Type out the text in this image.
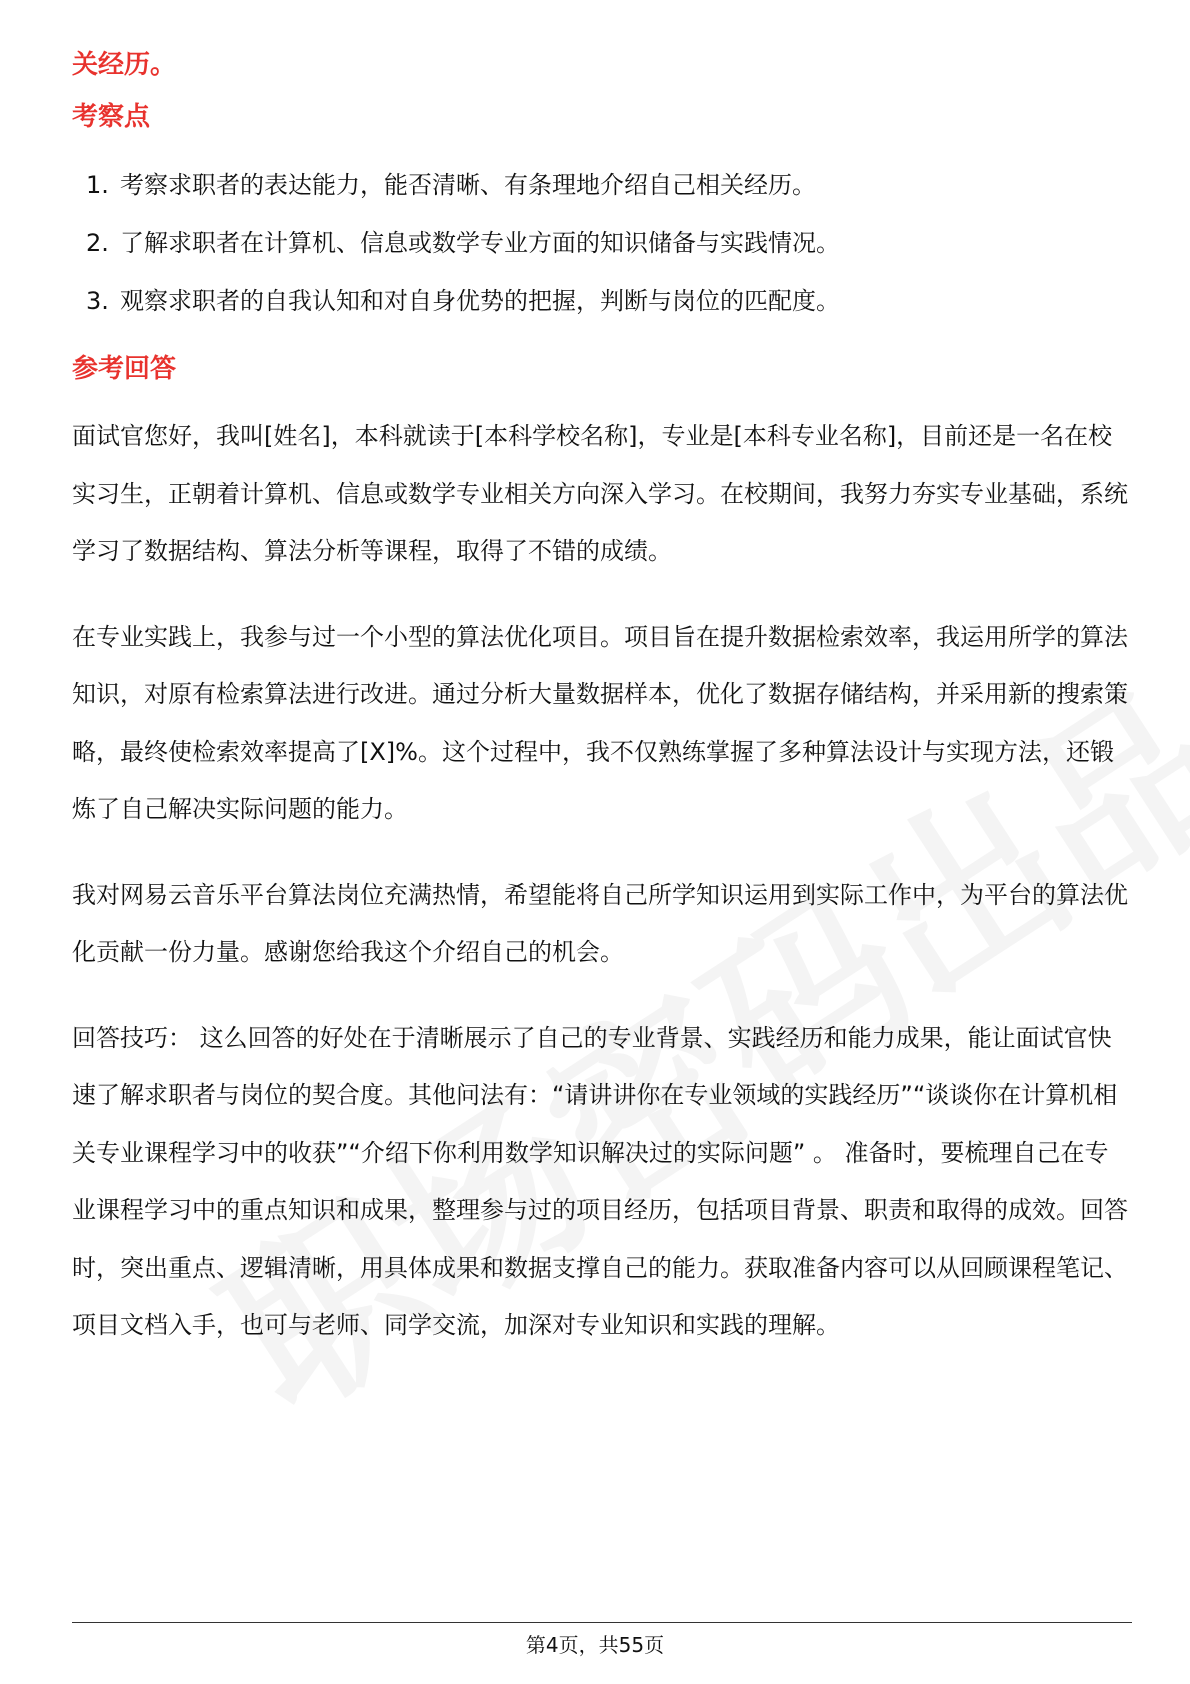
关经历。
考察点
1. 考察求职者的表达能力，能否清晰、有条理地介绍自己相关经历。
2. 了解求职者在计算机、信息或数学专业方面的知识储备与实践情况。
3. 观察求职者的自我认知和对自身优势的把握，判断与岗位的匹配度。
参考回答

面试官您好，我叫[姓名]，本科就读于[本科学校名称]，专业是[本科专业名称]，目前还是一名在校实习生，正朝着计算机、信息或数学专业相关方向深入学习。在校期间，我努力夯实专业基础，系统学习了数据结构、算法分析等课程，取得了不错的成绩。

在专业实践上，我参与过一个小型的算法优化项目。项目旨在提升数据检索效率，我运用所学的算法知识，对原有检索算法进行改进。通过分析大量数据样本，优化了数据存储结构，并采用新的搜索策略，最终使检索效率提高了[X]%。这个过程中，我不仅熟练掌握了多种算法设计与实现方法，还锻炼了自己解决实际问题的能力。

我对网易云音乐平台算法岗位充满热情，希望能将自己所学知识运用到实际工作中，为平台的算法优化贡献一份力量。感谢您给我这个介绍自己的机会。

回答技巧： 这么回答的好处在于清晰展示了自己的专业背景、实践经历和能力成果，能让面试官快速了解求职者与岗位的契合度。其他问法有：“请讲讲你在专业领域的实践经历”“谈谈你在计算机相关专业课程学习中的收获”“介绍下你利用数学知识解决过的实际问题” 。 准备时，要梳理自己在专业课程学习中的重点知识和成果，整理参与过的项目经历，包括项目背景、职责和取得的成效。回答时，突出重点、逻辑清晰，用具体成果和数据支撑自己的能力。获取准备内容可以从回顾课程笔记、项目文档入手，也可与老师、同学交流，加深对专业知识和实践的理解。

第4页，共55页
